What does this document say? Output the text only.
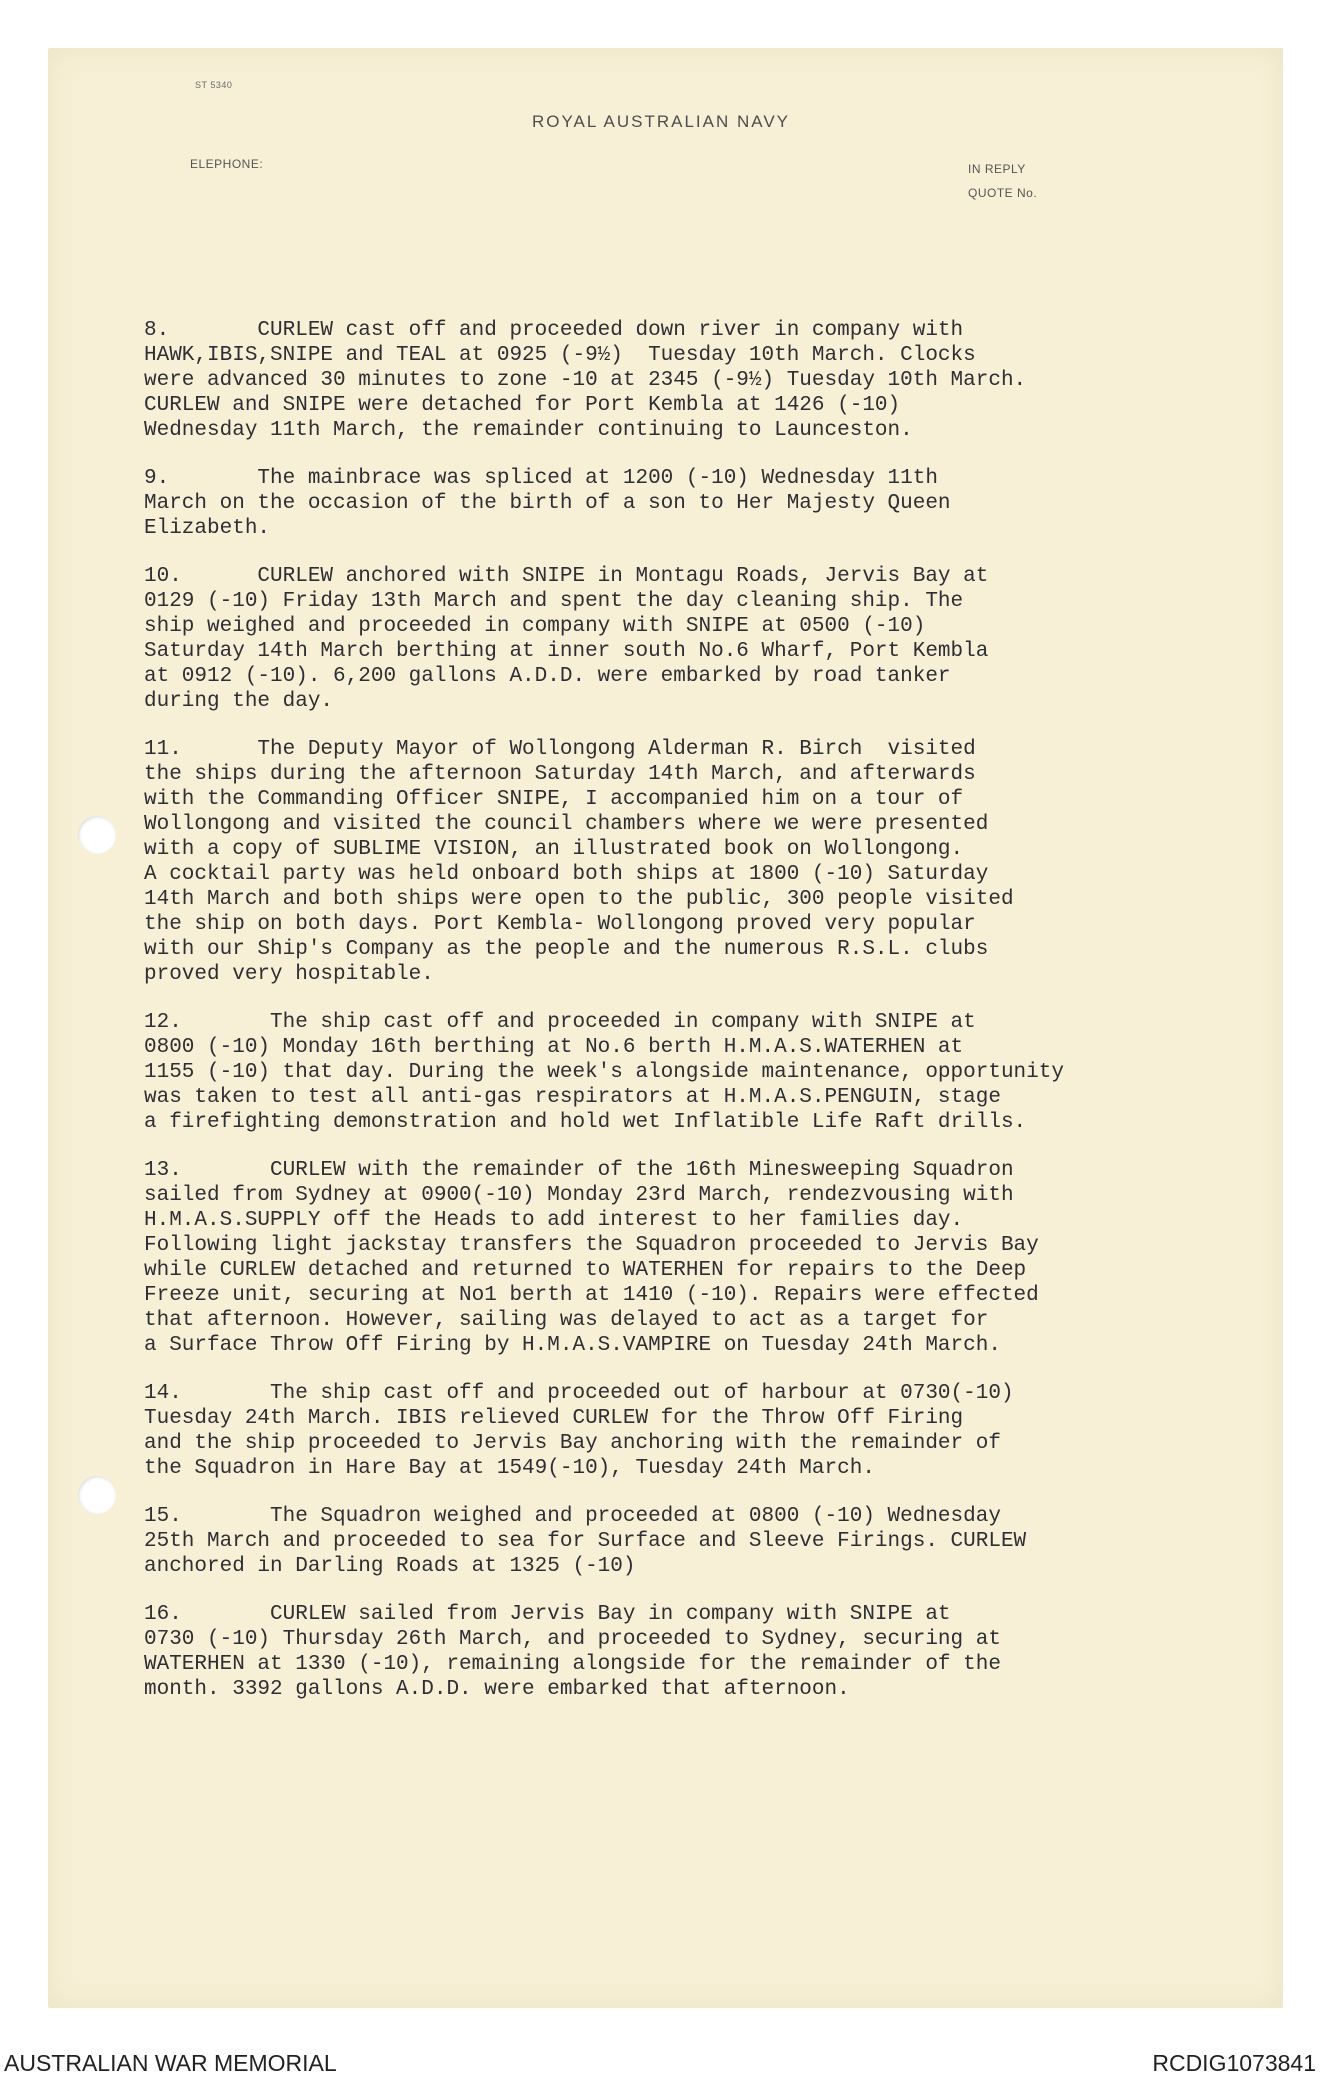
ST 5340
ROYAL AUSTRALIAN NAVY
ELEPHONE:	IN REPLY
QUOTE No.
8.       CURLEW cast off and proceeded down river in company with
HAWK,IBIS,SNIPE and TEAL at 0925 (-9½)  Tuesday 10th March. Clocks
were advanced 30 minutes to zone -10 at 2345 (-9½) Tuesday 10th March.
CURLEW and SNIPE were detached for Port Kembla at 1426 (-10)
Wednesday 11th March, the remainder continuing to Launceston.
9.       The mainbrace was spliced at 1200 (-10) Wednesday 11th
March on the occasion of the birth of a son to Her Majesty Queen
Elizabeth.
10.      CURLEW anchored with SNIPE in Montagu Roads, Jervis Bay at
0129 (-10) Friday 13th March and spent the day cleaning ship. The
ship weighed and proceeded in company with SNIPE at 0500 (-10)
Saturday 14th March berthing at inner south No.6 Wharf, Port Kembla
at 0912 (-10). 6,200 gallons A.D.D. were embarked by road tanker
during the day.
11.      The Deputy Mayor of Wollongong Alderman R. Birch  visited
the ships during the afternoon Saturday 14th March, and afterwards
with the Commanding Officer SNIPE, I accompanied him on a tour of
Wollongong and visited the council chambers where we were presented
with a copy of SUBLIME VISION, an illustrated book on Wollongong.
A cocktail party was held onboard both ships at 1800 (-10) Saturday
14th March and both ships were open to the public, 300 people visited
the ship on both days. Port Kembla- Wollongong proved very popular
with our Ship's Company as the people and the numerous R.S.L. clubs
proved very hospitable.
12.       The ship cast off and proceeded in company with SNIPE at
0800 (-10) Monday 16th berthing at No.6 berth H.M.A.S.WATERHEN at
1155 (-10) that day. During the week's alongside maintenance, opportunity
was taken to test all anti-gas respirators at H.M.A.S.PENGUIN, stage
a firefighting demonstration and hold wet Inflatible Life Raft drills.
13.       CURLEW with the remainder of the 16th Minesweeping Squadron
sailed from Sydney at 0900(-10) Monday 23rd March, rendezvousing with
H.M.A.S.SUPPLY off the Heads to add interest to her families day.
Following light jackstay transfers the Squadron proceeded to Jervis Bay
while CURLEW detached and returned to WATERHEN for repairs to the Deep
Freeze unit, securing at No1 berth at 1410 (-10). Repairs were effected
that afternoon. However, sailing was delayed to act as a target for
a Surface Throw Off Firing by H.M.A.S.VAMPIRE on Tuesday 24th March.
14.       The ship cast off and proceeded out of harbour at 0730(-10)
Tuesday 24th March. IBIS relieved CURLEW for the Throw Off Firing
and the ship proceeded to Jervis Bay anchoring with the remainder of
the Squadron in Hare Bay at 1549(-10), Tuesday 24th March.
15.       The Squadron weighed and proceeded at 0800 (-10) Wednesday
25th March and proceeded to sea for Surface and Sleeve Firings. CURLEW
anchored in Darling Roads at 1325 (-10)
16.       CURLEW sailed from Jervis Bay in company with SNIPE at
0730 (-10) Thursday 26th March, and proceeded to Sydney, securing at
WATERHEN at 1330 (-10), remaining alongside for the remainder of the
month. 3392 gallons A.D.D. were embarked that afternoon.
AUSTRALIAN WAR MEMORIAL	RCDIG1073841
